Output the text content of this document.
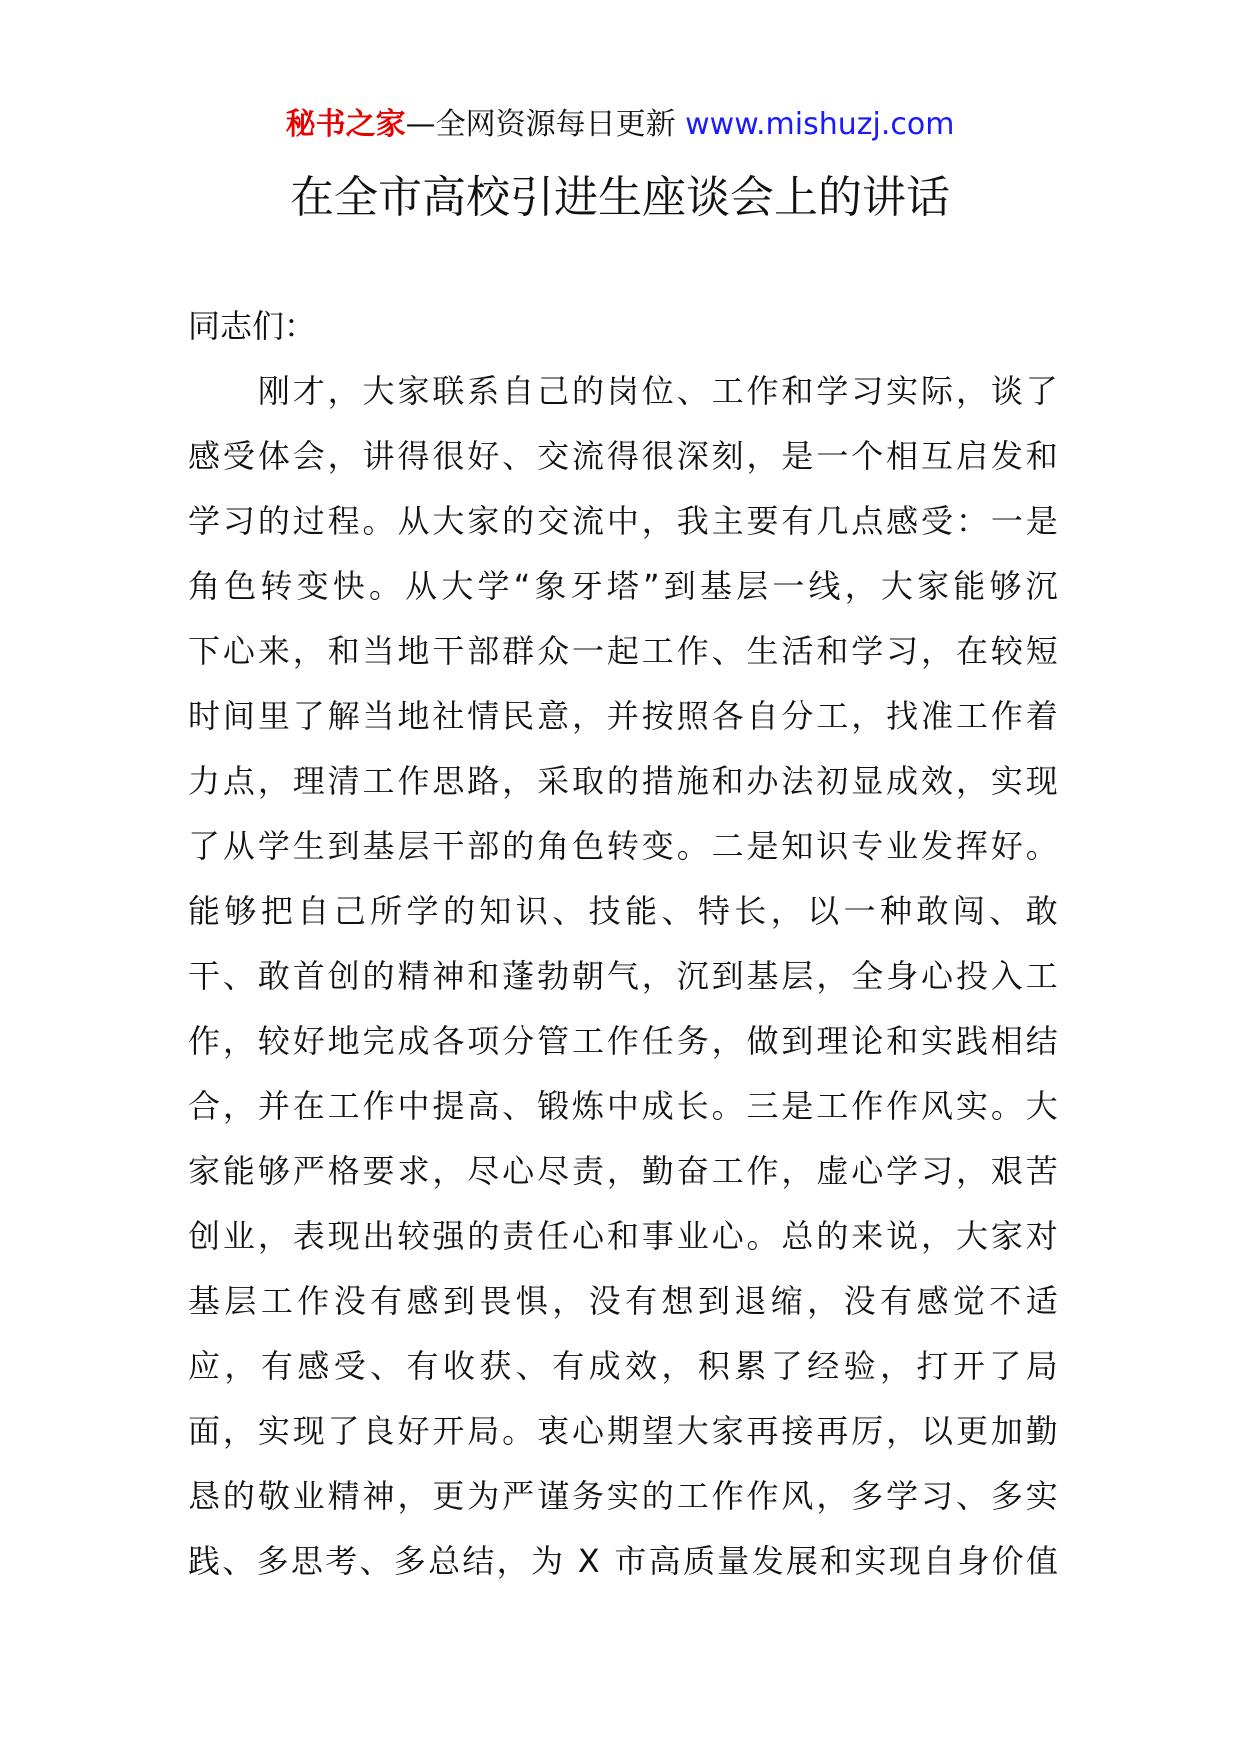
秘书之家—全网资源每日更新 www.mishuzj.com
在全市高校引进生座谈会上的讲话
同志们：

刚 才 ， 大 家 联 系 自 己 的 岗 位 、 工 作 和 学 习 实 际 ， 谈 了
感 受 体 会 ， 讲 得 很 好 、 交 流 得 很 深 刻 ， 是 一 个 相 互 启 发 和
学 习 的 过 程 。 从 大 家 的 交 流 中 ， 我 主 要 有 几 点 感 受 ： 一 是
角 色 转 变 快 。 从 大 学 “ 象 牙 塔 ” 到 基 层 一 线 ， 大 家 能 够 沉
下 心 来 ， 和 当 地 干 部 群 众 一 起 工 作 、 生 活 和 学 习 ， 在 较 短
时 间 里 了 解 当 地 社 情 民 意 ， 并 按 照 各 自 分 工 ， 找 准 工 作 着
力 点 ， 理 清 工 作 思 路 ， 采 取 的 措 施 和 办 法 初 显 成 效 ， 实 现
了 从 学 生 到 基 层 干 部 的 角 色 转 变 。 二 是 知 识 专 业 发 挥 好 。
能 够 把 自 己 所 学 的 知 识 、 技 能 、 特 长 ， 以 一 种 敢 闯 、 敢
干 、 敢 首 创 的 精 神 和 蓬 勃 朝 气 ， 沉 到 基 层 ， 全 身 心 投 入 工
作 ， 较 好 地 完 成 各 项 分 管 工 作 任 务 ， 做 到 理 论 和 实 践 相 结
合 ， 并 在 工 作 中 提 高 、 锻 炼 中 成 长 。 三 是 工 作 作 风 实 。 大
家 能 够 严 格 要 求 ， 尽 心 尽 责 ， 勤 奋 工 作 ， 虚 心 学 习 ， 艰 苦
创 业 ， 表 现 出 较 强 的 责 任 心 和 事 业 心 。 总 的 来 说 ， 大 家 对
基 层 工 作 没 有 感 到 畏 惧 ， 没 有 想 到 退 缩 ， 没 有 感 觉 不 适
应 ， 有 感 受 、 有 收 获 、 有 成 效 ， 积 累 了 经 验 ， 打 开 了 局
面 ， 实 现 了 良 好 开 局 。 衷 心 期 望 大 家 再 接 再 厉 ， 以 更 加 勤
恳 的 敬 业 精 神 ， 更 为 严 谨 务 实 的 工 作 作 风 ， 多 学 习 、 多 实
践 、 多 思 考 、 多 总 结 ， 为
X
市 高 质 量 发 展 和 实 现 自 身 价 值
